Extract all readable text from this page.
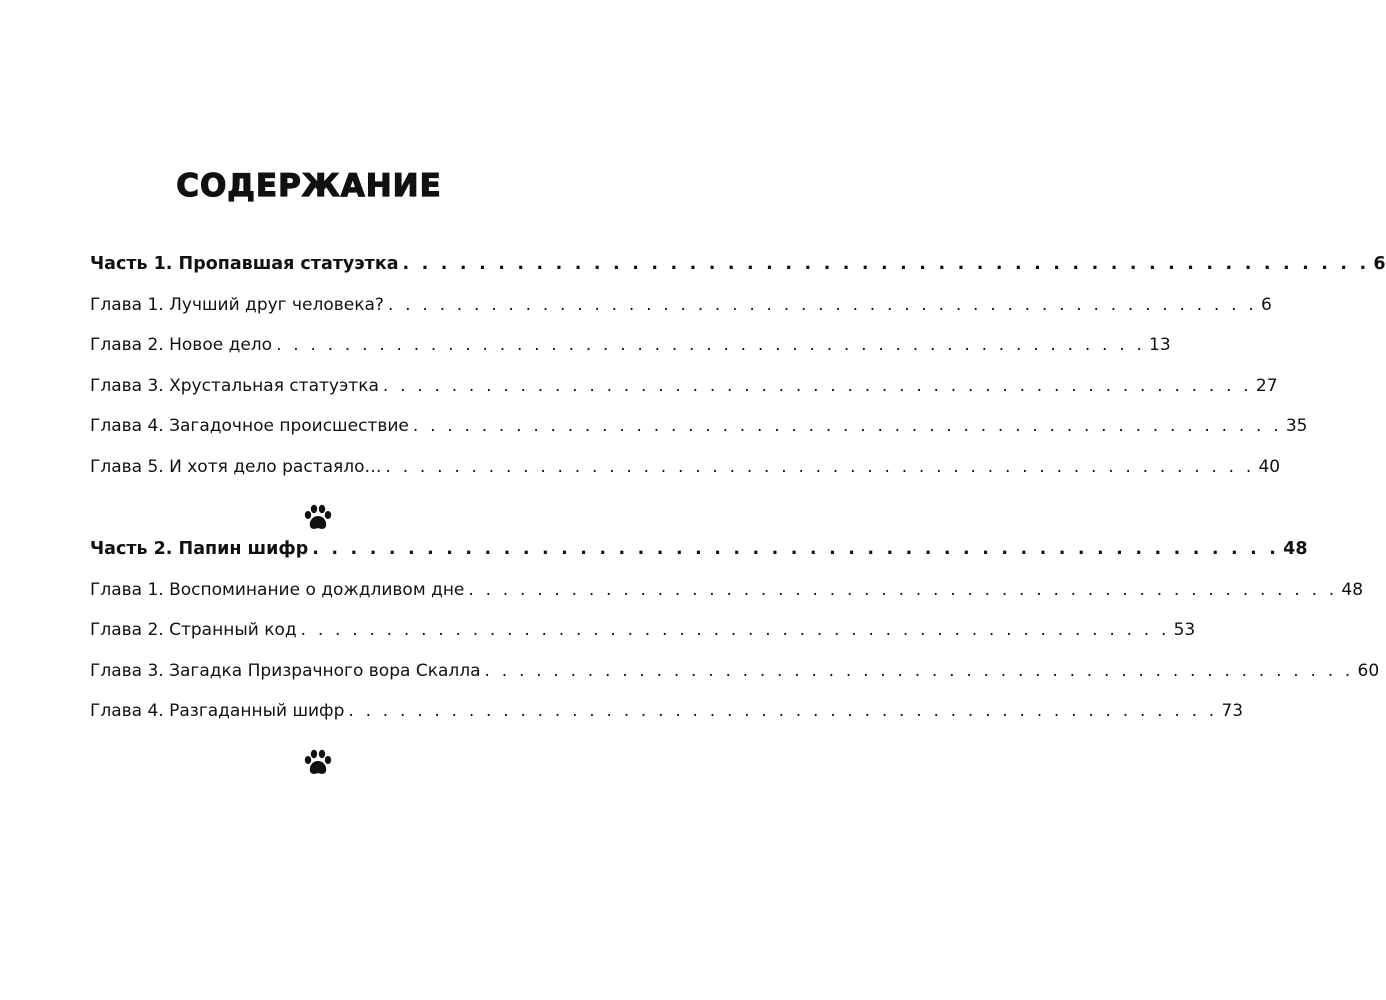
СОДЕРЖАНИЕ
Часть 1. Пропавшая статуэтка . . . . . . . . . . . . . . . . . . . . . . . . . . . . . . . . . . . . . . . . . . . . . . . . . . . 6
Глава 1. Лучший друг человека? . . . . . . . . . . . . . . . . . . . . . . . . . . . . . . . . . . . . . . . . . . . . . . . . . . . 6
Глава 2. Новое дело . . . . . . . . . . . . . . . . . . . . . . . . . . . . . . . . . . . . . . . . . . . . . . . . . . . 13
Глава 3. Хрустальная статуэтка . . . . . . . . . . . . . . . . . . . . . . . . . . . . . . . . . . . . . . . . . . . . . . . . . . . 27
Глава 4. Загадочное происшествие . . . . . . . . . . . . . . . . . . . . . . . . . . . . . . . . . . . . . . . . . . . . . . . . . . . 35
Глава 5. И хотя дело растаяло… . . . . . . . . . . . . . . . . . . . . . . . . . . . . . . . . . . . . . . . . . . . . . . . . . . . 40
Часть 2. Папин шифр . . . . . . . . . . . . . . . . . . . . . . . . . . . . . . . . . . . . . . . . . . . . . . . . . . . 48
Глава 1. Воспоминание о дождливом дне . . . . . . . . . . . . . . . . . . . . . . . . . . . . . . . . . . . . . . . . . . . . . . . . . . . 48
Глава 2. Странный код . . . . . . . . . . . . . . . . . . . . . . . . . . . . . . . . . . . . . . . . . . . . . . . . . . . 53
Глава 3. Загадка Призрачного вора Скалла . . . . . . . . . . . . . . . . . . . . . . . . . . . . . . . . . . . . . . . . . . . . . . . . . . . 60
Глава 4. Разгаданный шифр . . . . . . . . . . . . . . . . . . . . . . . . . . . . . . . . . . . . . . . . . . . . . . . . . . . 73
